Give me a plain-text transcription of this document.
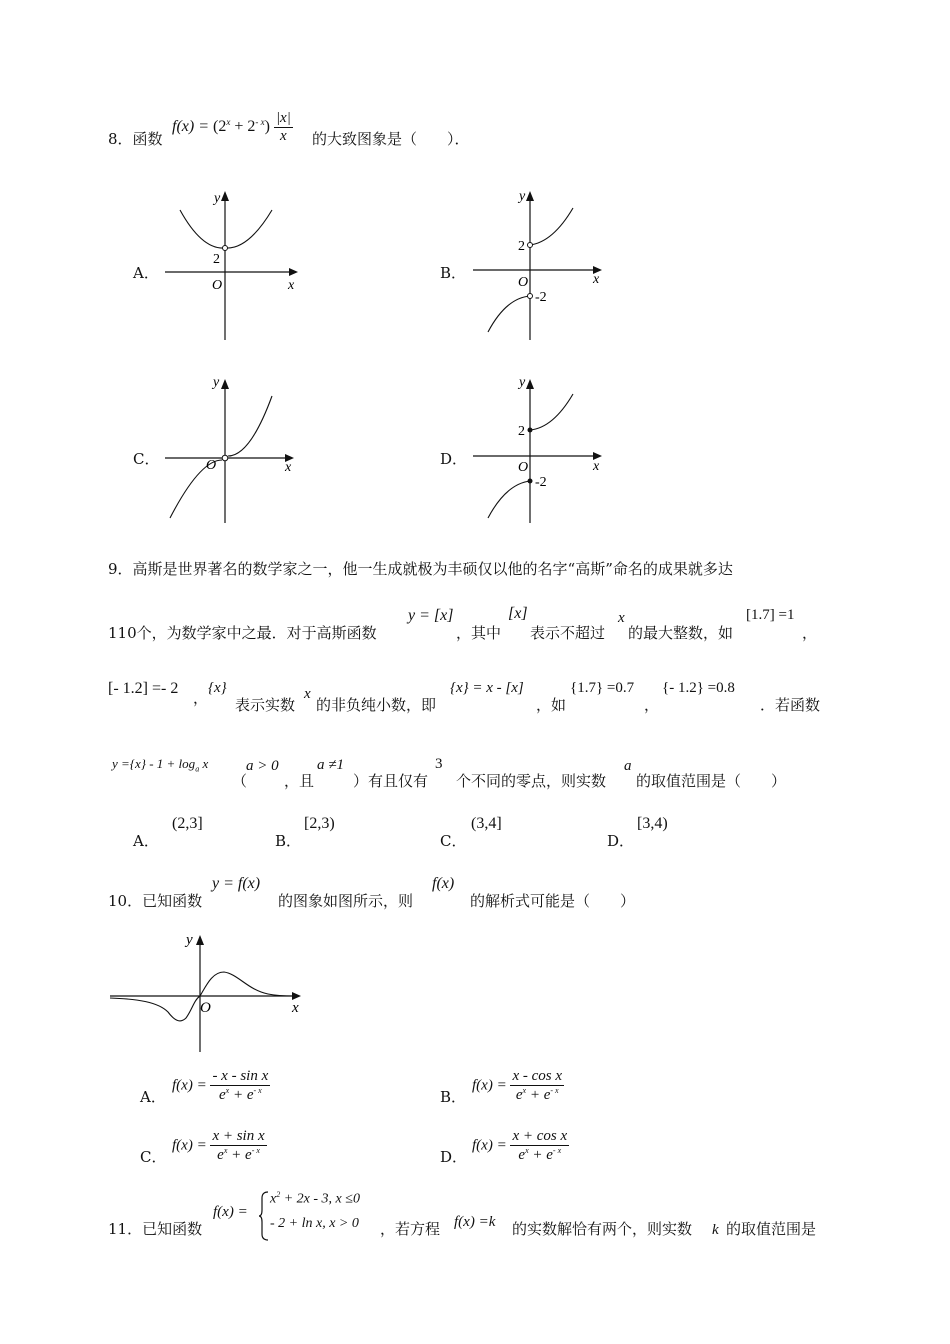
8．函数
$f(x) = (2^x + 2^{- x}) \frac{|x|}{x}$ 的大致图象是（　　）．
A．
2
O	x
y
B．
2
-2
O	x
y
C．	O	x
y
D．
2
-2
O	x
y
9．高斯是世界著名的数学家之一，他一生成就极为丰硕仅以他的名字“高斯”命名的成果就多达
110个，为数学家中之最．对于高斯函数
y = [x]
，其中
[x]
表示不超过
x
的最大整数，如
[1.7] =1
，
[- 1.2] =- 2
，
{x}
表示实数
x
的非负纯小数，即
{x} = x - [x]
，如
{1.7} =0.7
，
{- 1.2} =0.8
．若函数
$y =\{x\} - 1 + \log_a x$
（
a > 0
，且
a ≠1
）有且仅有
3
个不同的零点，则实数
a
的取值范围是（　　）
A．
(2,3]
B．
[2,3)
C．
(3,4]
D．
[3,4)
10．已知函数
y = f(x)
的图象如图所示，则
f(x)
的解析式可能是（　　）
O	x
y
A．
$f(x) = \frac{\text{- x - sin x}}{e^x + e^{- x}}$	B．
$f(x) = \frac{\text{x - cos x}}{e^x + e^{- x}}$
C．
$f(x) = \frac{\text{x + sin x}}{e^x + e^{- x}}$	D．
$f(x) = \frac{\text{x + cos x}}{e^x + e^{- x}}$
11．已知函数
f(x) =
$x^2 + 2x - 3$, x ≤0
- 2 + ln x, x > 0 ，若方程 f(x) =k 的实数解恰有两个，则实数 k 的取值范围是
